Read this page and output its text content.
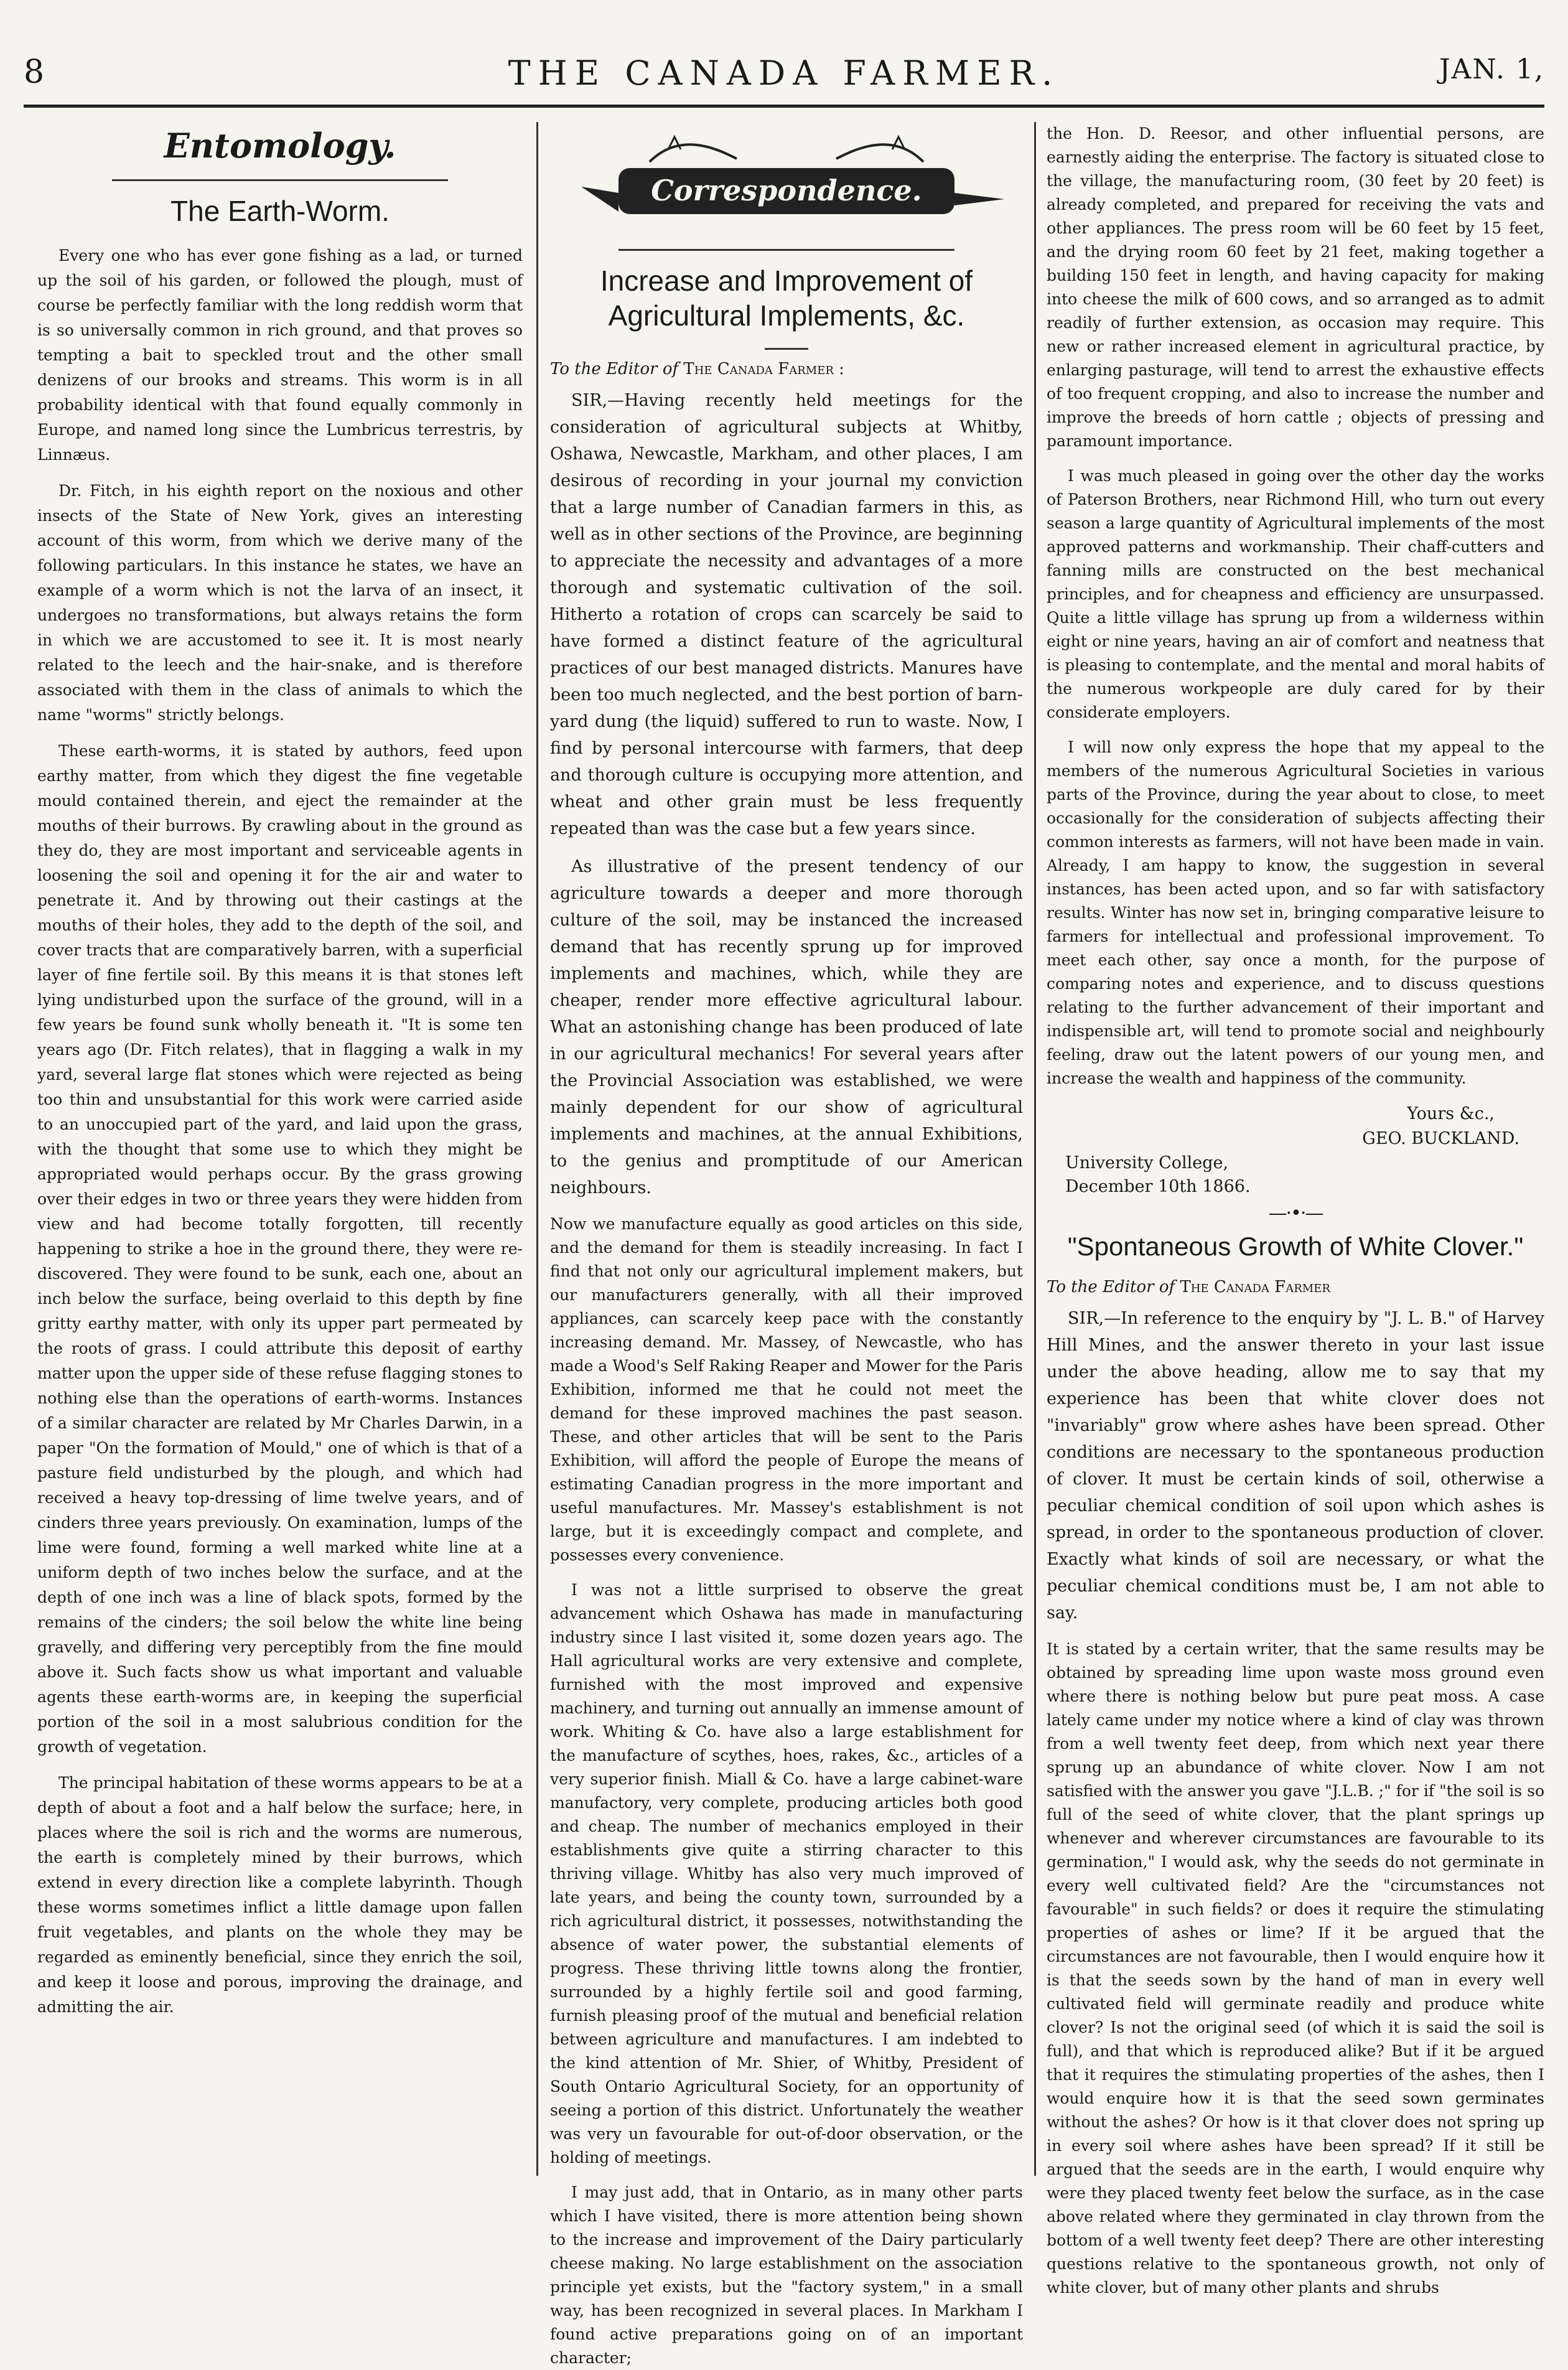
8	THE CANADA FARMER.	JAN. 1,
Entomology.
The Earth-Worm.

Every one who has ever gone fishing as a lad, or turned up the soil of his garden, or followed the plough, must of course be perfectly familiar with the long reddish worm that is so universally common in rich ground, and that proves so tempting a bait to speckled trout and the other small denizens of our brooks and streams. This worm is in all probability identical with that found equally commonly in Europe, and named long since the Lumbricus terrestris, by Linnæus.

Dr. Fitch, in his eighth report on the noxious and other insects of the State of New York, gives an interesting account of this worm, from which we derive many of the following particulars. In this instance he states, we have an example of a worm which is not the larva of an insect, it undergoes no transformations, but always retains the form in which we are accustomed to see it. It is most nearly related to the leech and the hair-snake, and is therefore associated with them in the class of animals to which the name "worms" strictly belongs.

These earth-worms, it is stated by authors, feed upon earthy matter, from which they digest the fine vegetable mould contained therein, and eject the remainder at the mouths of their burrows. By crawling about in the ground as they do, they are most important and serviceable agents in loosening the soil and opening it for the air and water to penetrate it. And by throwing out their castings at the mouths of their holes, they add to the depth of the soil, and cover tracts that are comparatively barren, with a superficial layer of fine fertile soil. By this means it is that stones left lying undisturbed upon the surface of the ground, will in a few years be found sunk wholly beneath it. "It is some ten years ago (Dr. Fitch relates), that in flagging a walk in my yard, several large flat stones which were rejected as being too thin and unsubstantial for this work were carried aside to an unoccupied part of the yard, and laid upon the grass, with the thought that some use to which they might be appropriated would perhaps occur. By the grass growing over their edges in two or three years they were hidden from view and had become totally forgotten, till recently happening to strike a hoe in the ground there, they were re-discovered. They were found to be sunk, each one, about an inch below the surface, being overlaid to this depth by fine gritty earthy matter, with only its upper part permeated by the roots of grass. I could attribute this deposit of earthy matter upon the upper side of these refuse flagging stones to nothing else than the operations of earth-worms. Instances of a similar character are related by Mr Charles Darwin, in a paper "On the formation of Mould," one of which is that of a pasture field undisturbed by the plough, and which had received a heavy top-dressing of lime twelve years, and of cinders three years previously. On examination, lumps of the lime were found, forming a well marked white line at a uniform depth of two inches below the surface, and at the depth of one inch was a line of black spots, formed by the remains of the cinders; the soil below the white line being gravelly, and differing very perceptibly from the fine mould above it. Such facts show us what important and valuable agents these earth-worms are, in keeping the superficial portion of the soil in a most salubrious condition for the growth of vegetation.

The principal habitation of these worms appears to be at a depth of about a foot and a half below the surface; here, in places where the soil is rich and the worms are numerous, the earth is completely mined by their burrows, which extend in every direction like a complete labyrinth. Though these worms sometimes inflict a little damage upon fallen fruit vegetables, and plants on the whole they may be regarded as eminently beneficial, since they enrich the soil, and keep it loose and porous, improving the drainage, and admitting the air.

Correspondence.
Increase and Improvement of Agricultural Implements, &c.
To the Editor of The Canada Farmer :

SIR,—Having recently held meetings for the consideration of agricultural subjects at Whitby, Oshawa, Newcastle, Markham, and other places, I am desirous of recording in your journal my conviction that a large number of Canadian farmers in this, as well as in other sections of the Province, are beginning to appreciate the necessity and advantages of a more thorough and systematic cultivation of the soil. Hitherto a rotation of crops can scarcely be said to have formed a distinct feature of the agricultural practices of our best managed districts. Manures have been too much neglected, and the best portion of barn-yard dung (the liquid) suffered to run to waste. Now, I find by personal intercourse with farmers, that deep and thorough culture is occupying more attention, and wheat and other grain must be less frequently repeated than was the case but a few years since.

As illustrative of the present tendency of our agriculture towards a deeper and more thorough culture of the soil, may be instanced the increased demand that has recently sprung up for improved implements and machines, which, while they are cheaper, render more effective agricultural labour. What an astonishing change has been produced of late in our agricultural mechanics! For several years after the Provincial Association was established, we were mainly dependent for our show of agricultural implements and machines, at the annual Exhibitions, to the genius and promptitude of our American neighbours.

Now we manufacture equally as good articles on this side, and the demand for them is steadily increasing. In fact I find that not only our agricultural implement makers, but our manufacturers generally, with all their improved appliances, can scarcely keep pace with the constantly increasing demand. Mr. Massey, of Newcastle, who has made a Wood's Self Raking Reaper and Mower for the Paris Exhibition, informed me that he could not meet the demand for these improved machines the past season. These, and other articles that will be sent to the Paris Exhibition, will afford the people of Europe the means of estimating Canadian progress in the more important and useful manufactures. Mr. Massey's establishment is not large, but it is exceedingly compact and complete, and possesses every convenience.

I was not a little surprised to observe the great advancement which Oshawa has made in manufacturing industry since I last visited it, some dozen years ago. The Hall agricultural works are very extensive and complete, furnished with the most improved and expensive machinery, and turning out annually an immense amount of work. Whiting & Co. have also a large establishment for the manufacture of scythes, hoes, rakes, &c., articles of a very superior finish. Miall & Co. have a large cabinet-ware manufactory, very complete, producing articles both good and cheap. The number of mechanics employed in their establishments give quite a stirring character to this thriving village. Whitby has also very much improved of late years, and being the county town, surrounded by a rich agricultural district, it possesses, notwithstanding the absence of water power, the substantial elements of progress. These thriving little towns along the frontier, surrounded by a highly fertile soil and good farming, furnish pleasing proof of the mutual and beneficial relation between agriculture and manufactures. I am indebted to the kind attention of Mr. Shier, of Whitby, President of South Ontario Agricultural Society, for an opportunity of seeing a portion of this district. Unfortunately the weather was very un favourable for out-of-door observation, or the holding of meetings.

I may just add, that in Ontario, as in many other parts which I have visited, there is more attention being shown to the increase and improvement of the Dairy particularly cheese making. No large establishment on the association principle yet exists, but the "factory system," in a small way, has been recognized in several places. In Markham I found active preparations going on of an important character;

the Hon. D. Reesor, and other influential persons, are earnestly aiding the enterprise. The factory is situated close to the village, the manufacturing room, (30 feet by 20 feet) is already completed, and prepared for receiving the vats and other appliances. The press room will be 60 feet by 15 feet, and the drying room 60 feet by 21 feet, making together a building 150 feet in length, and having capacity for making into cheese the milk of 600 cows, and so arranged as to admit readily of further extension, as occasion may require. This new or rather increased element in agricultural practice, by enlarging pasturage, will tend to arrest the exhaustive effects of too frequent cropping, and also to increase the number and improve the breeds of horn cattle ; objects of pressing and paramount importance.

I was much pleased in going over the other day the works of Paterson Brothers, near Richmond Hill, who turn out every season a large quantity of Agricultural implements of the most approved patterns and workmanship. Their chaff-cutters and fanning mills are constructed on the best mechanical principles, and for cheapness and efficiency are unsurpassed. Quite a little village has sprung up from a wilderness within eight or nine years, having an air of comfort and neatness that is pleasing to contemplate, and the mental and moral habits of the numerous workpeople are duly cared for by their considerate employers.

I will now only express the hope that my appeal to the members of the numerous Agricultural Societies in various parts of the Province, during the year about to close, to meet occasionally for the consideration of subjects affecting their common interests as farmers, will not have been made in vain. Already, I am happy to know, the suggestion in several instances, has been acted upon, and so far with satisfactory results. Winter has now set in, bringing comparative leisure to farmers for intellectual and professional improvement. To meet each other, say once a month, for the purpose of comparing notes and experience, and to discuss questions relating to the further advancement of their important and indispensible art, will tend to promote social and neighbourly feeling, draw out the latent powers of our young men, and increase the wealth and happiness of the community.

Yours &c.,
GEO. BUCKLAND.
University College,
December 10th 1866.
—·•·—
"Spontaneous Growth of White Clover."
To the Editor of The Canada Farmer

SIR,—In reference to the enquiry by "J. L. B." of Harvey Hill Mines, and the answer thereto in your last issue under the above heading, allow me to say that my experience has been that white clover does not "invariably" grow where ashes have been spread. Other conditions are necessary to the spontaneous production of clover. It must be certain kinds of soil, otherwise a peculiar chemical condition of soil upon which ashes is spread, in order to the spontaneous production of clover. Exactly what kinds of soil are necessary, or what the peculiar chemical conditions must be, I am not able to say.

It is stated by a certain writer, that the same results may be obtained by spreading lime upon waste moss ground even where there is nothing below but pure peat moss. A case lately came under my notice where a kind of clay was thrown from a well twenty feet deep, from which next year there sprung up an abundance of white clover. Now I am not satisfied with the answer you gave "J.L.B. ;" for if "the soil is so full of the seed of white clover, that the plant springs up whenever and wherever circumstances are favourable to its germination," I would ask, why the seeds do not germinate in every well cultivated field? Are the "circumstances not favourable" in such fields? or does it require the stimulating properties of ashes or lime? If it be argued that the circumstances are not favourable, then I would enquire how it is that the seeds sown by the hand of man in every well cultivated field will germinate readily and produce white clover? Is not the original seed (of which it is said the soil is full), and that which is reproduced alike? But if it be argued that it requires the stimulating properties of the ashes, then I would enquire how it is that the seed sown germinates without the ashes? Or how is it that clover does not spring up in every soil where ashes have been spread? If it still be argued that the seeds are in the earth, I would enquire why were they placed twenty feet below the surface, as in the case above related where they germinated in clay thrown from the bottom of a well twenty feet deep? There are other interesting questions relative to the spontaneous growth, not only of white clover, but of many other plants and shrubs
